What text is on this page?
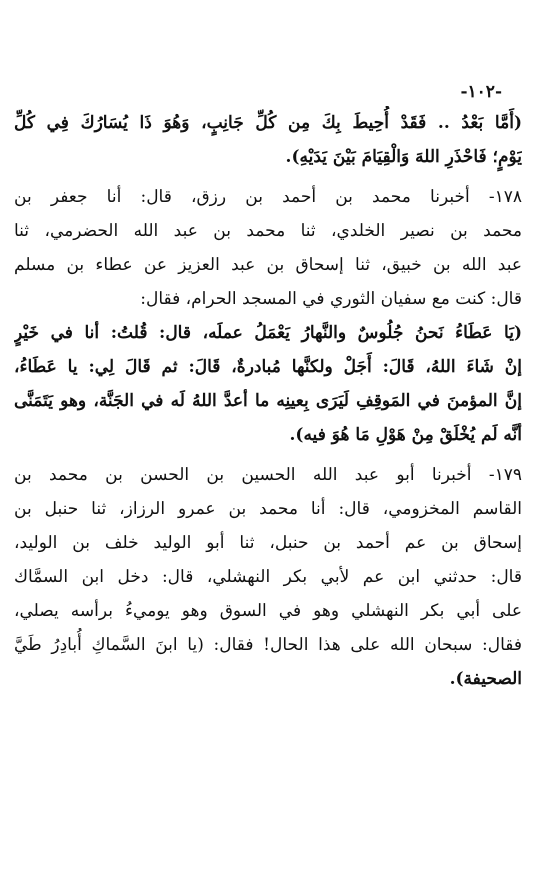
-١٠٢-
(أَمَّا بَعْدُ .. فَقَدْ أُحِيطَ بِكَ مِن كُلِّ جَانِبٍ، وَهُوَ ذَا يُسَارُكَ فِي كُلِّ
يَوْمٍ؛ فَاحْذَرِ اللهَ وَالْقِيَامَ بَيْنَ يَدَيْهِ).
١٧٨- أخبرنا محمد بن أحمد بن رزق، قال: أنا جعفر بن
محمد بن نصير الخلدي، ثنا محمد بن عبد الله الحضرمي، ثنا
عبد الله بن خبيق، ثنا إسحاق بن عبد العزيز عن عطاء بن مسلم
قال: كنت مع سفيان الثوري في المسجد الحرام، فقال:
(يَا عَطَاءُ نَحنُ جُلُوسٌ والنَّهارُ يَعْمَلُ عملَه، قال: قُلتُ: أنا في خَيْرٍ
إنْ شَاءَ اللهُ، قَالَ: أَجَلْ ولكنَّها مُبادرةٌ، قَالَ: ثم قَالَ لِي: يا عَطَاءُ،
إنَّ المؤمنَ في المَوقِفِ لَيَرَى بِعينِه ما أعدَّ اللهُ لَه في الجَنَّة، وهو يَتَمَنَّى
أنَّه لَم يُخْلَقْ مِنْ هَوْلِ مَا هُوَ فيه).
١٧٩- أخبرنا أبو عبد الله الحسين بن الحسن بن محمد بن
القاسم المخزومي، قال: أنا محمد بن عمرو الرزاز، ثنا حنبل بن
إسحاق بن عم أحمد بن حنبل، ثنا أبو الوليد خلف بن الوليد،
قال: حدثني ابن عم لأبي بكر النهشلي، قال: دخل ابن السمَّاك
على أبي بكر النهشلي وهو في السوق وهو يوميءُ برأسه يصلي،
فقال: سبحان الله على هذا الحال! فقال: (يا ابنَ السَّماكِ أُبادِرُ طَيَّ
الصحيفة).
